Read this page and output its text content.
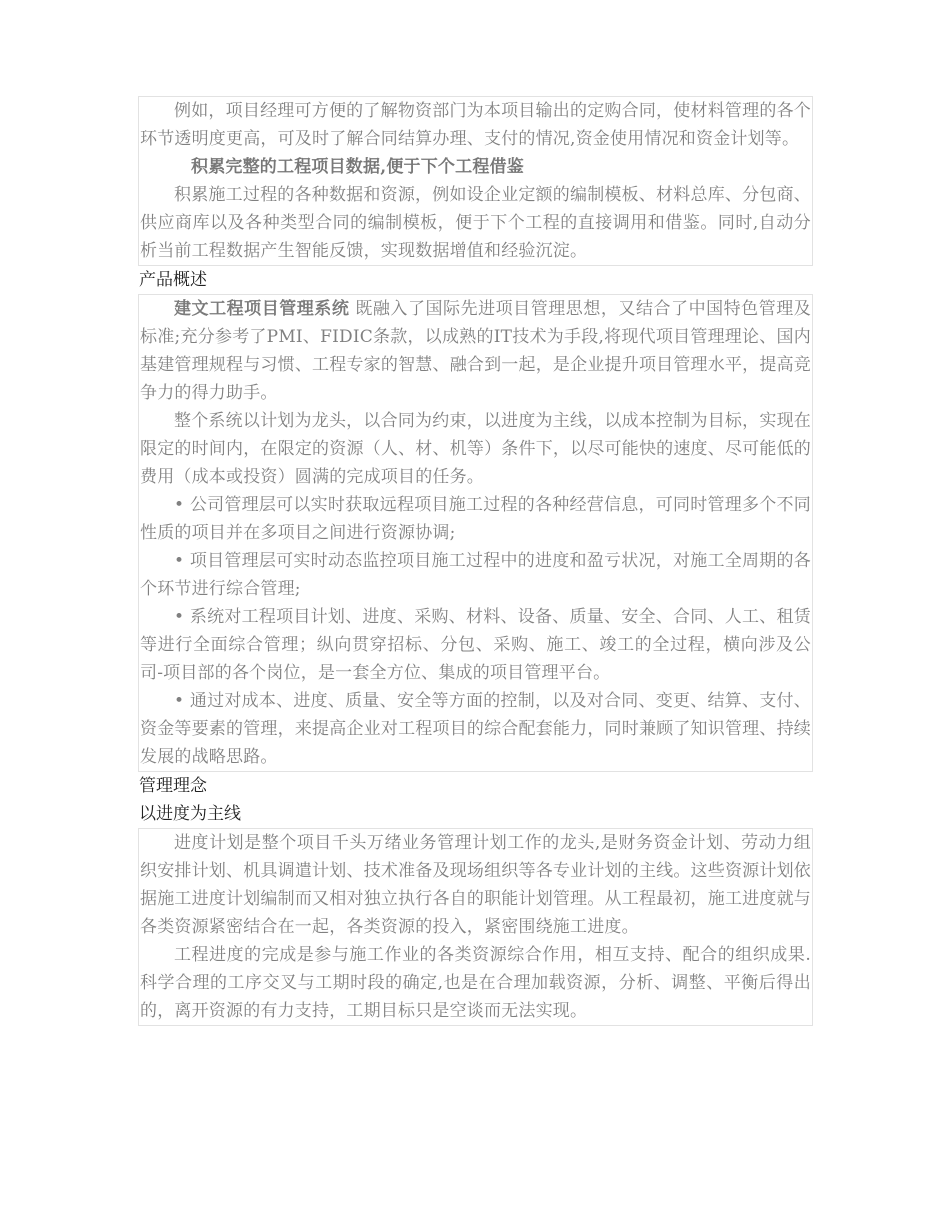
例如，项目经理可方便的了解物资部门为本项目输出的定购合同，使材料管理的各个环节透明度更高，可及时了解合同结算办理、支付的情况,资金使用情况和资金计划等。

积累完整的工程项目数据,便于下个工程借鉴

积累施工过程的各种数据和资源，例如设企业定额的编制模板、材料总库、分包商、供应商库以及各种类型合同的编制模板，便于下个工程的直接调用和借鉴。同时,自动分析当前工程数据产生智能反馈，实现数据增值和经验沉淀。

产品概述

建文工程项目管理系统 既融入了国际先进项目管理思想，又结合了中国特色管理及标准;充分参考了PMI、FIDIC条款，以成熟的IT技术为手段,将现代项目管理理论、国内基建管理规程与习惯、工程专家的智慧、融合到一起，是企业提升项目管理水平，提高竞争力的得力助手。

整个系统以计划为龙头，以合同为约束，以进度为主线，以成本控制为目标，实现在限定的时间内，在限定的资源（人、材、机等）条件下，以尽可能快的速度、尽可能低的费用（成本或投资）圆满的完成项目的任务。

• 公司管理层可以实时获取远程项目施工过程的各种经营信息，可同时管理多个不同性质的项目并在多项目之间进行资源协调;

• 项目管理层可实时动态监控项目施工过程中的进度和盈亏状况，对施工全周期的各个环节进行综合管理;

• 系统对工程项目计划、进度、采购、材料、设备、质量、安全、合同、人工、租赁等进行全面综合管理；纵向贯穿招标、分包、采购、施工、竣工的全过程，横向涉及公司-项目部的各个岗位，是一套全方位、集成的项目管理平台。

• 通过对成本、进度、质量、安全等方面的控制，以及对合同、变更、结算、支付、资金等要素的管理，来提高企业对工程项目的综合配套能力，同时兼顾了知识管理、持续发展的战略思路。

管理理念
以进度为主线

进度计划是整个项目千头万绪业务管理计划工作的龙头,是财务资金计划、劳动力组织安排计划、机具调遣计划、技术准备及现场组织等各专业计划的主线。这些资源计划依据施工进度计划编制而又相对独立执行各自的职能计划管理。从工程最初，施工进度就与各类资源紧密结合在一起，各类资源的投入，紧密围绕施工进度。

工程进度的完成是参与施工作业的各类资源综合作用，相互支持、配合的组织成果.科学合理的工序交叉与工期时段的确定,也是在合理加载资源，分析、调整、平衡后得出的，离开资源的有力支持，工期目标只是空谈而无法实现。
